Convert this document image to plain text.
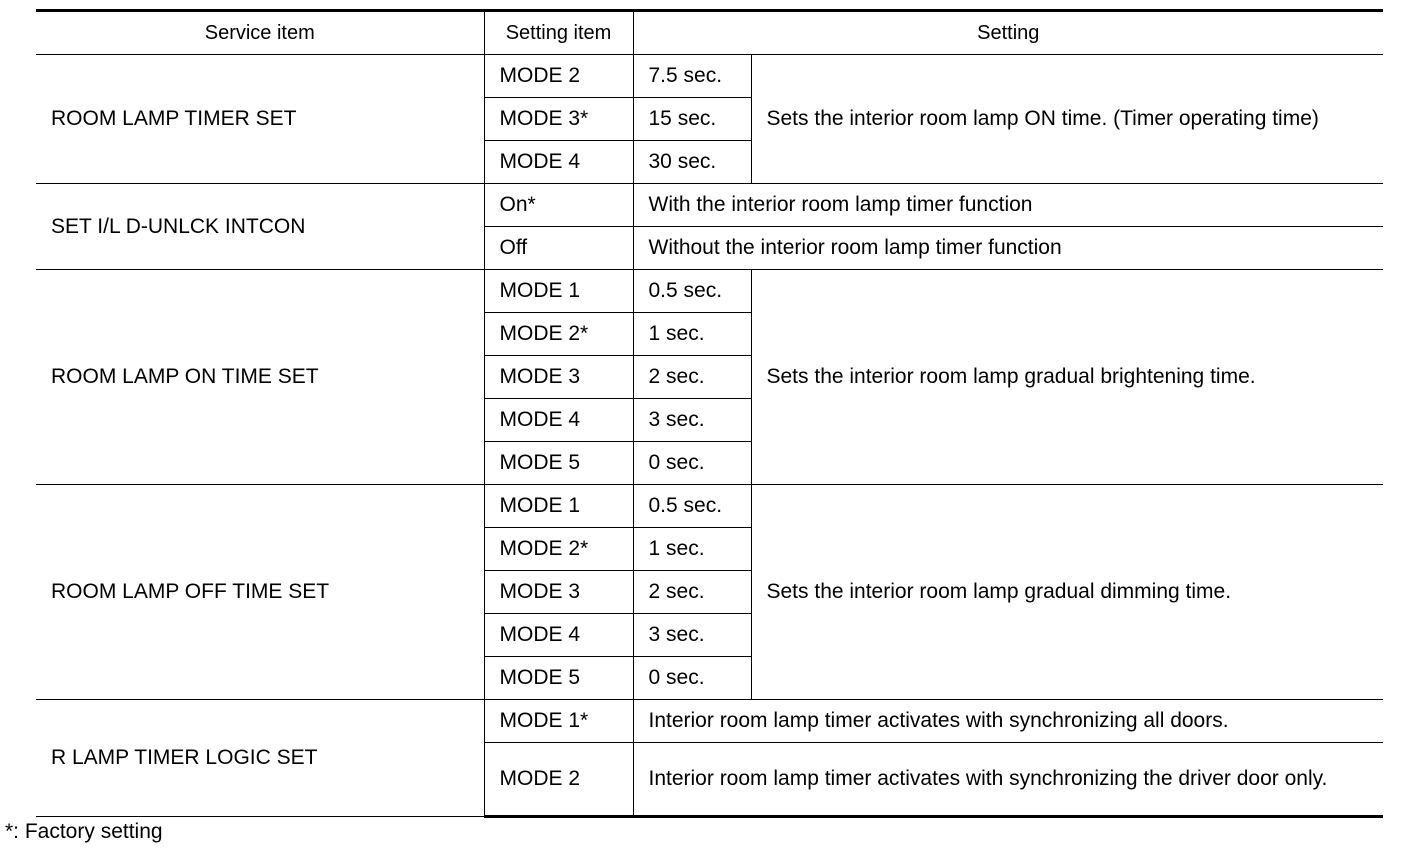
Service item	Setting item	Setting	
ROOM LAMP TIMER SET	MODE 2	7.5 sec.	Sets the interior room lamp ON time. (Timer operating time)
	MODE 3*	15 sec.	
	MODE 4	30 sec.	
SET I/L D-UNLCK INTCON	On*	With the interior room lamp timer function	
	Off	Without the interior room lamp timer function	
ROOM LAMP ON TIME SET	MODE 1	0.5 sec.	Sets the interior room lamp gradual brightening time.
	MODE 2*	1 sec.	
	MODE 3	2 sec.	
	MODE 4	3 sec.	
	MODE 5	0 sec.	
ROOM LAMP OFF TIME SET	MODE 1	0.5 sec.	Sets the interior room lamp gradual dimming time.
	MODE 2*	1 sec.	
	MODE 3	2 sec.	
	MODE 4	3 sec.	
	MODE 5	0 sec.	
R LAMP TIMER LOGIC SET	MODE 1*	Interior room lamp timer activates with synchronizing all doors.	
	MODE 2	Interior room lamp timer activates with synchronizing the driver door only.	

*: Factory setting
